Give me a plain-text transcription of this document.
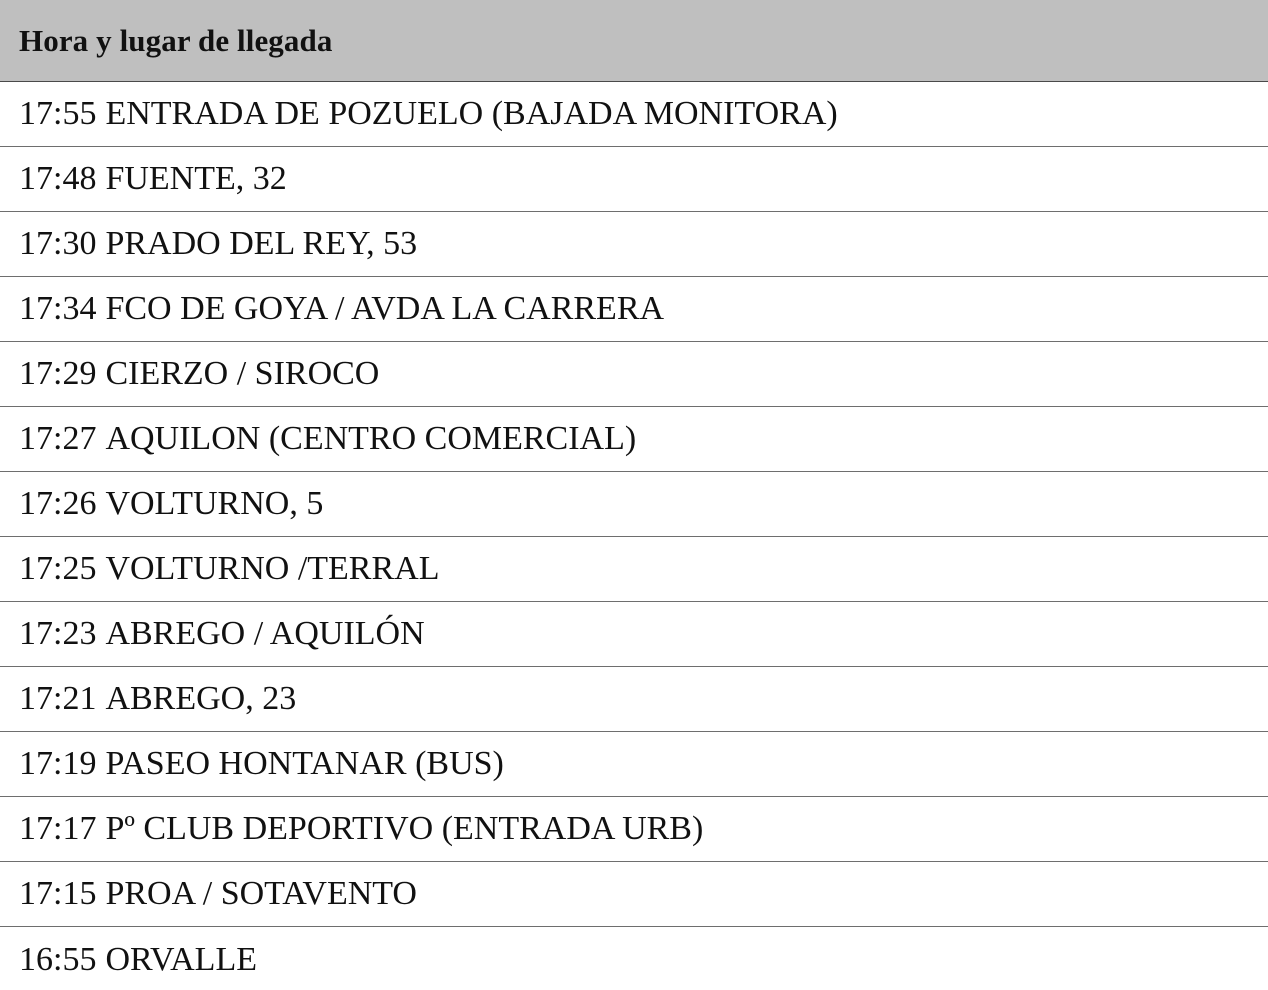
Hora y lugar de llegada
17:55 ENTRADA DE POZUELO (BAJADA MONITORA)
17:48 FUENTE, 32
17:30 PRADO DEL REY, 53
17:34 FCO DE GOYA / AVDA LA CARRERA
17:29 CIERZO / SIROCO
17:27 AQUILON (CENTRO COMERCIAL)
17:26 VOLTURNO, 5
17:25 VOLTURNO /TERRAL
17:23 ABREGO / AQUILÓN
17:21 ABREGO, 23
17:19 PASEO HONTANAR (BUS)
17:17 Pº CLUB DEPORTIVO (ENTRADA URB)
17:15 PROA / SOTAVENTO
16:55 ORVALLE
